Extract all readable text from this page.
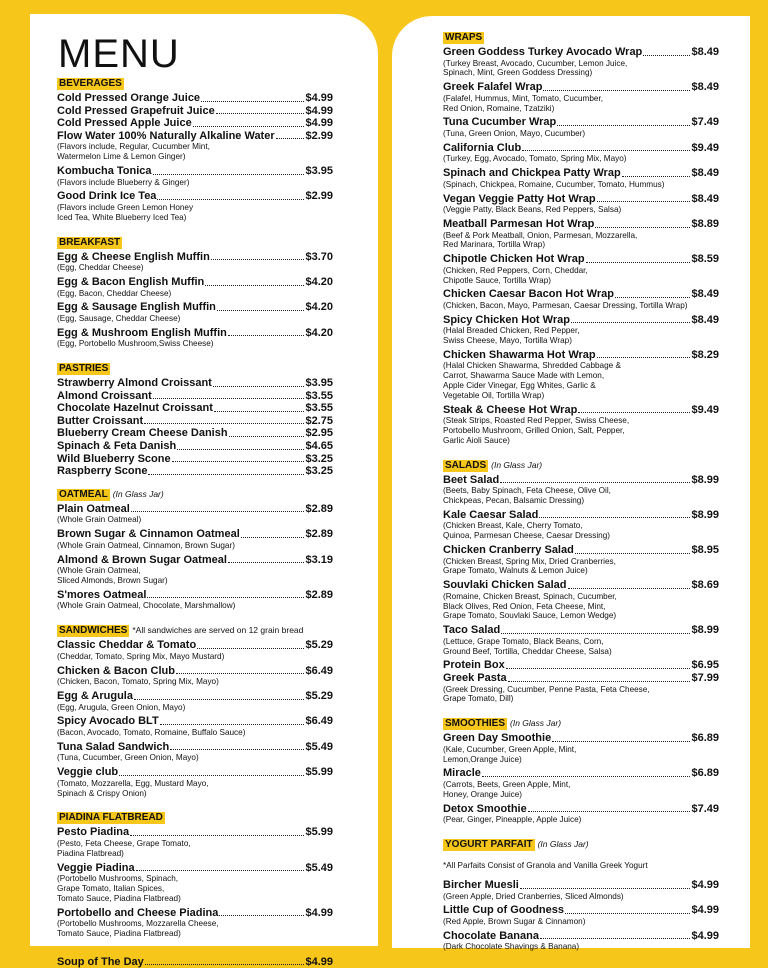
MENU
BEVERAGES
Cold Pressed Orange Juice	$4.99
Cold Pressed Grapefruit Juice	$4.99
Cold Pressed Apple Juice	$4.99
Flow Water 100% Naturally Alkaline Water	$2.99
(Flavors include, Regular, Cucumber Mint,
Watermelon Lime & Lemon Ginger)
Kombucha Tonica	$3.95
(Flavors include Blueberry & Ginger)
Good Drink Ice Tea	$2.99
(Flavors include Green Lemon Honey
Iced Tea, White Blueberry Iced Tea)
BREAKFAST
Egg & Cheese English Muffin	$3.70
(Egg, Cheddar Cheese)
Egg & Bacon English Muffin	$4.20
(Egg, Bacon, Cheddar Cheese)
Egg & Sausage English Muffin	$4.20
(Egg, Sausage, Cheddar Cheese)
Egg & Mushroom English Muffin	$4.20
(Egg, Portobello Mushroom,Swiss Cheese)
PASTRIES
Strawberry Almond Croissant	$3.95
Almond Croissant	$3.55
Chocolate Hazelnut Croissant	$3.55
Butter Croissant	$2.75
Blueberry Cream Cheese Danish	$2.95
Spinach & Feta Danish	$4.65
Wild Blueberry Scone	$3.25
Raspberry Scone	$3.25
OATMEAL (In Glass Jar)
Plain Oatmeal	$2.89
(Whole Grain Oatmeal)
Brown Sugar & Cinnamon Oatmeal	$2.89
(Whole Grain Oatmeal, Cinnamon, Brown Sugar)
Almond & Brown Sugar Oatmeal	$3.19
(Whole Grain Oatmeal,
Sliced Almonds, Brown Sugar)
S'mores Oatmeal	$2.89
(Whole Grain Oatmeal, Chocolate, Marshmallow)
SANDWICHES *All sandwiches are served on 12 grain bread
Classic Cheddar & Tomato	$5.29
(Cheddar, Tomato, Spring Mix, Mayo Mustard)
Chicken & Bacon Club	$6.49
(Chicken, Bacon, Tomato, Spring Mix, Mayo)
Egg & Arugula	$5.29
(Egg, Arugula, Green Onion, Mayo)
Spicy Avocado BLT	$6.49
(Bacon, Avocado, Tomato, Romaine, Buffalo Sauce)
Tuna Salad Sandwich	$5.49
(Tuna, Cucumber, Green Onion, Mayo)
Veggie club	$5.99
(Tomato, Mozzarella, Egg, Mustard Mayo,
Spinach & Crispy Onion)
PIADINA FLATBREAD
Pesto Piadina	$5.99
(Pesto, Feta Cheese, Grape Tomato,
Piadina Flatbread)
Veggie Piadina	$5.49
(Portobello Mushrooms, Spinach,
Grape Tomato, Italian Spices,
Tomato Sauce, Piadina Flatbread)
Portobello and Cheese Piadina	$4.99
(Portobello Mushrooms, Mozzarella Cheese,
Tomato Sauce, Piadina Flatbread)
Soup of The Day	$4.99
WRAPS
Green Goddess Turkey Avocado Wrap	$8.49
(Turkey Breast, Avocado, Cucumber, Lemon Juice,
Spinach, Mint, Green Goddess Dressing)
Greek Falafel Wrap	$8.49
(Falafel, Hummus, Mint, Tomato, Cucumber,
Red Onion, Romaine, Tzatziki)
Tuna Cucumber Wrap	$7.49
(Tuna, Green Onion, Mayo, Cucumber)
California Club	$9.49
(Turkey, Egg, Avocado, Tomato, Spring Mix, Mayo)
Spinach and Chickpea Patty Wrap	$8.49
(Spinach, Chickpea, Romaine, Cucumber, Tomato, Hummus)
Vegan Veggie Patty Hot Wrap	$8.49
(Veggie Patty, Black Beans, Red Peppers, Salsa)
Meatball Parmesan Hot Wrap	$8.89
(Beef & Pork Meatball, Onion, Parmesan, Mozzarella,
Red Marinara, Tortilla Wrap)
Chipotle Chicken Hot Wrap	$8.59
(Chicken, Red Peppers, Corn, Cheddar,
Chipotle Sauce, Tortilla Wrap)
Chicken Caesar Bacon Hot Wrap	$8.49
(Chicken, Bacon, Mayo, Parmesan, Caesar Dressing, Tortilla Wrap)
Spicy Chicken Hot Wrap	$8.49
(Halal Breaded Chicken, Red Pepper,
Swiss Cheese, Mayo, Tortilla Wrap)
Chicken Shawarma Hot Wrap	$8.29
(Halal Chicken Shawarma, Shredded Cabbage &
Carrot, Shawarma Sauce Made with Lemon,
Apple Cider Vinegar, Egg Whites, Garlic &
Vegetable Oil, Tortilla Wrap)
Steak & Cheese Hot Wrap	$9.49
(Steak Strips, Roasted Red Pepper, Swiss Cheese,
Portobello Mushroom, Grilled Onion, Salt, Pepper,
Garlic Aioli Sauce)
SALADS (In Glass Jar)
Beet Salad	$8.99
(Beets, Baby Spinach, Feta Cheese, Olive Oil,
Chickpeas, Pecan, Balsamic Dressing)
Kale Caesar Salad	$8.99
(Chicken Breast, Kale, Cherry Tomato,
Quinoa, Parmesan Cheese, Caesar Dressing)
Chicken Cranberry Salad	$8.95
(Chicken Breast, Spring Mix, Dried Cranberries,
Grape Tomato, Walnuts & Lemon Juice)
Souvlaki Chicken Salad	$8.69
(Romaine, Chicken Breast, Spinach, Cucumber,
Black Olives, Red Onion, Feta Cheese, Mint,
Grape Tomato, Souvlaki Sauce, Lemon Wedge)
Taco Salad	$8.99
(Lettuce, Grape Tomato, Black Beans, Corn,
Ground Beef, Tortilla, Cheddar Cheese, Salsa)
Protein Box	$6.95
Greek Pasta	$7.99
(Greek Dressing, Cucumber, Penne Pasta, Feta Cheese,
Grape Tomato, Dill)
SMOOTHIES (In Glass Jar)
Green Day Smoothie	$6.89
(Kale, Cucumber, Green Apple, Mint,
Lemon,Orange Juice)
Miracle	$6.89
(Carrots, Beets, Green Apple, Mint,
Honey, Orange Juice)
Detox Smoothie	$7.49
(Pear, Ginger, Pineapple, Apple Juice)
YOGURT PARFAIT (In Glass Jar)
*All Parfaits Consist of Granola and Vanilla Greek Yogurt
Bircher Muesli	$4.99
(Green Apple, Dried Cranberries, Sliced Almonds)
Little Cup of Goodness	$4.99
(Red Apple, Brown Sugar & Cinnamon)
Chocolate Banana	$4.99
(Dark Chocolate Shavings & Banana)
